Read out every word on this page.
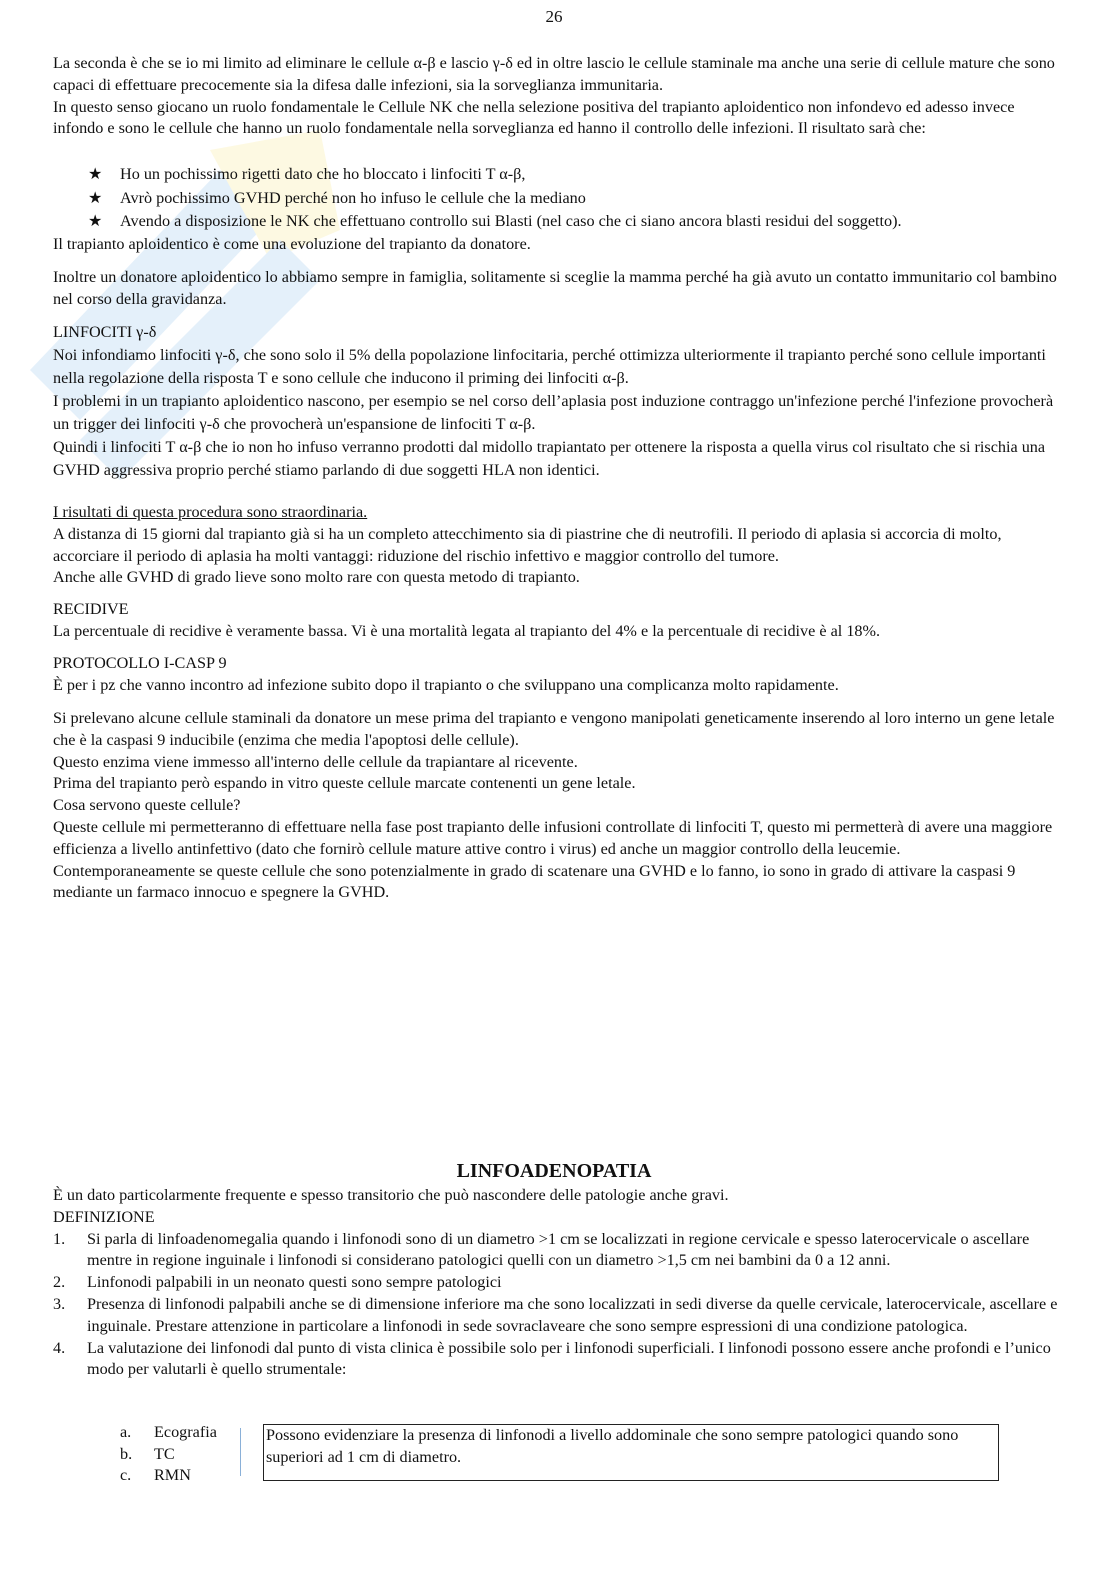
26

La seconda è che se io mi limito ad eliminare le cellule α-β e lascio γ-δ ed in oltre lascio le cellule staminale ma anche una serie di cellule mature che sono capaci di effettuare precocemente sia la difesa dalle infezioni, sia la sorveglianza immunitaria.

In questo senso giocano un ruolo fondamentale le Cellule NK che nella selezione positiva del trapianto aploidentico non infondevo ed adesso invece infondo e sono le cellule che hanno un ruolo fondamentale nella sorveglianza ed hanno il controllo delle infezioni. Il risultato sarà che:

★ Ho un pochissimo rigetti dato che ho bloccato i linfociti T α-β,
★ Avrò pochissimo GVHD perché non ho infuso le cellule che la mediano
★ Avendo a disposizione le NK che effettuano controllo sui Blasti (nel caso che ci siano ancora blasti residui del soggetto).
Il trapianto aploidentico è come una evoluzione del trapianto da donatore.
Inoltre un donatore aploidentico lo abbiamo sempre in famiglia, solitamente si sceglie la mamma perché ha già avuto un contatto immunitario col bambino nel corso della gravidanza.

LINFOCITI γ-δ

Noi infondiamo linfociti γ-δ, che sono solo il 5% della popolazione linfocitaria, perché ottimizza ulteriormente il trapianto perché sono cellule importanti nella regolazione della risposta T e sono cellule che inducono il priming dei linfociti α-β.

I problemi in un trapianto aploidentico nascono, per esempio se nel corso dell’aplasia post induzione contraggo un'infezione perché l'infezione provocherà un trigger dei linfociti γ-δ che provocherà un'espansione de linfociti T α-β.

Quindi i linfociti T α-β che io non ho infuso verranno prodotti dal midollo trapiantato per ottenere la risposta a quella virus col risultato che si rischia una GVHD aggressiva proprio perché stiamo parlando di due soggetti HLA non identici.

I risultati di questa procedura sono straordinaria.

A distanza di 15 giorni dal trapianto già si ha un completo attecchimento sia di piastrine che di neutrofili. Il periodo di aplasia si accorcia di molto, accorciare il periodo di aplasia ha molti vantaggi: riduzione del rischio infettivo e maggior controllo del tumore.

Anche alle GVHD di grado lieve sono molto rare con questa metodo di trapianto.

RECIDIVE

La percentuale di recidive è veramente bassa. Vi è una mortalità legata al trapianto del 4% e la percentuale di recidive è al 18%.

PROTOCOLLO I-CASP 9

È per i pz che vanno incontro ad infezione subito dopo il trapianto o che sviluppano una complicanza molto rapidamente.

Si prelevano alcune cellule staminali da donatore un mese prima del trapianto e vengono manipolati geneticamente inserendo al loro interno un gene letale che è la caspasi 9 inducibile (enzima che media l'apoptosi delle cellule).

Questo enzima viene immesso all'interno delle cellule da trapiantare al ricevente.

Prima del trapianto però espando in vitro queste cellule marcate contenenti un gene letale.

Cosa servono queste cellule?

Queste cellule mi permetteranno di effettuare nella fase post trapianto delle infusioni controllate di linfociti T, questo mi permetterà di avere una maggiore efficienza a livello antinfettivo (dato che fornirò cellule mature attive contro i virus) ed anche un maggior controllo della leucemie.

Contemporaneamente se queste cellule che sono potenzialmente in grado di scatenare una GVHD e lo fanno, io sono in grado di attivare la caspasi 9 mediante un farmaco innocuo e spegnere la GVHD.

LINFOADENOPATIA

È un dato particolarmente frequente e spesso transitorio che può nascondere delle patologie anche gravi.

DEFINIZIONE

1. Si parla di linfoadenomegalia quando i linfonodi sono di un diametro >1 cm se localizzati in regione cervicale e spesso laterocervicale o ascellare mentre in regione inguinale i linfonodi si considerano patologici quelli con un diametro >1,5 cm nei bambini da 0 a 12 anni.
2. Linfonodi palpabili in un neonato questi sono sempre patologici
3. Presenza di linfonodi palpabili anche se di dimensione inferiore ma che sono localizzati in sedi diverse da quelle cervicale, laterocervicale, ascellare e inguinale. Prestare attenzione in particolare a linfonodi in sede sovraclaveare che sono sempre espressioni di una condizione patologica.
4. La valutazione dei linfonodi dal punto di vista clinica è possibile solo per i linfonodi superficiali. I linfonodi possono essere anche profondi e l’unico modo per valutarli è quello strumentale:
a. Ecografia
b. TC
c. RMN
Possono evidenziare la presenza di linfonodi a livello addominale che sono sempre patologici quando sono superiori ad 1 cm di diametro.
